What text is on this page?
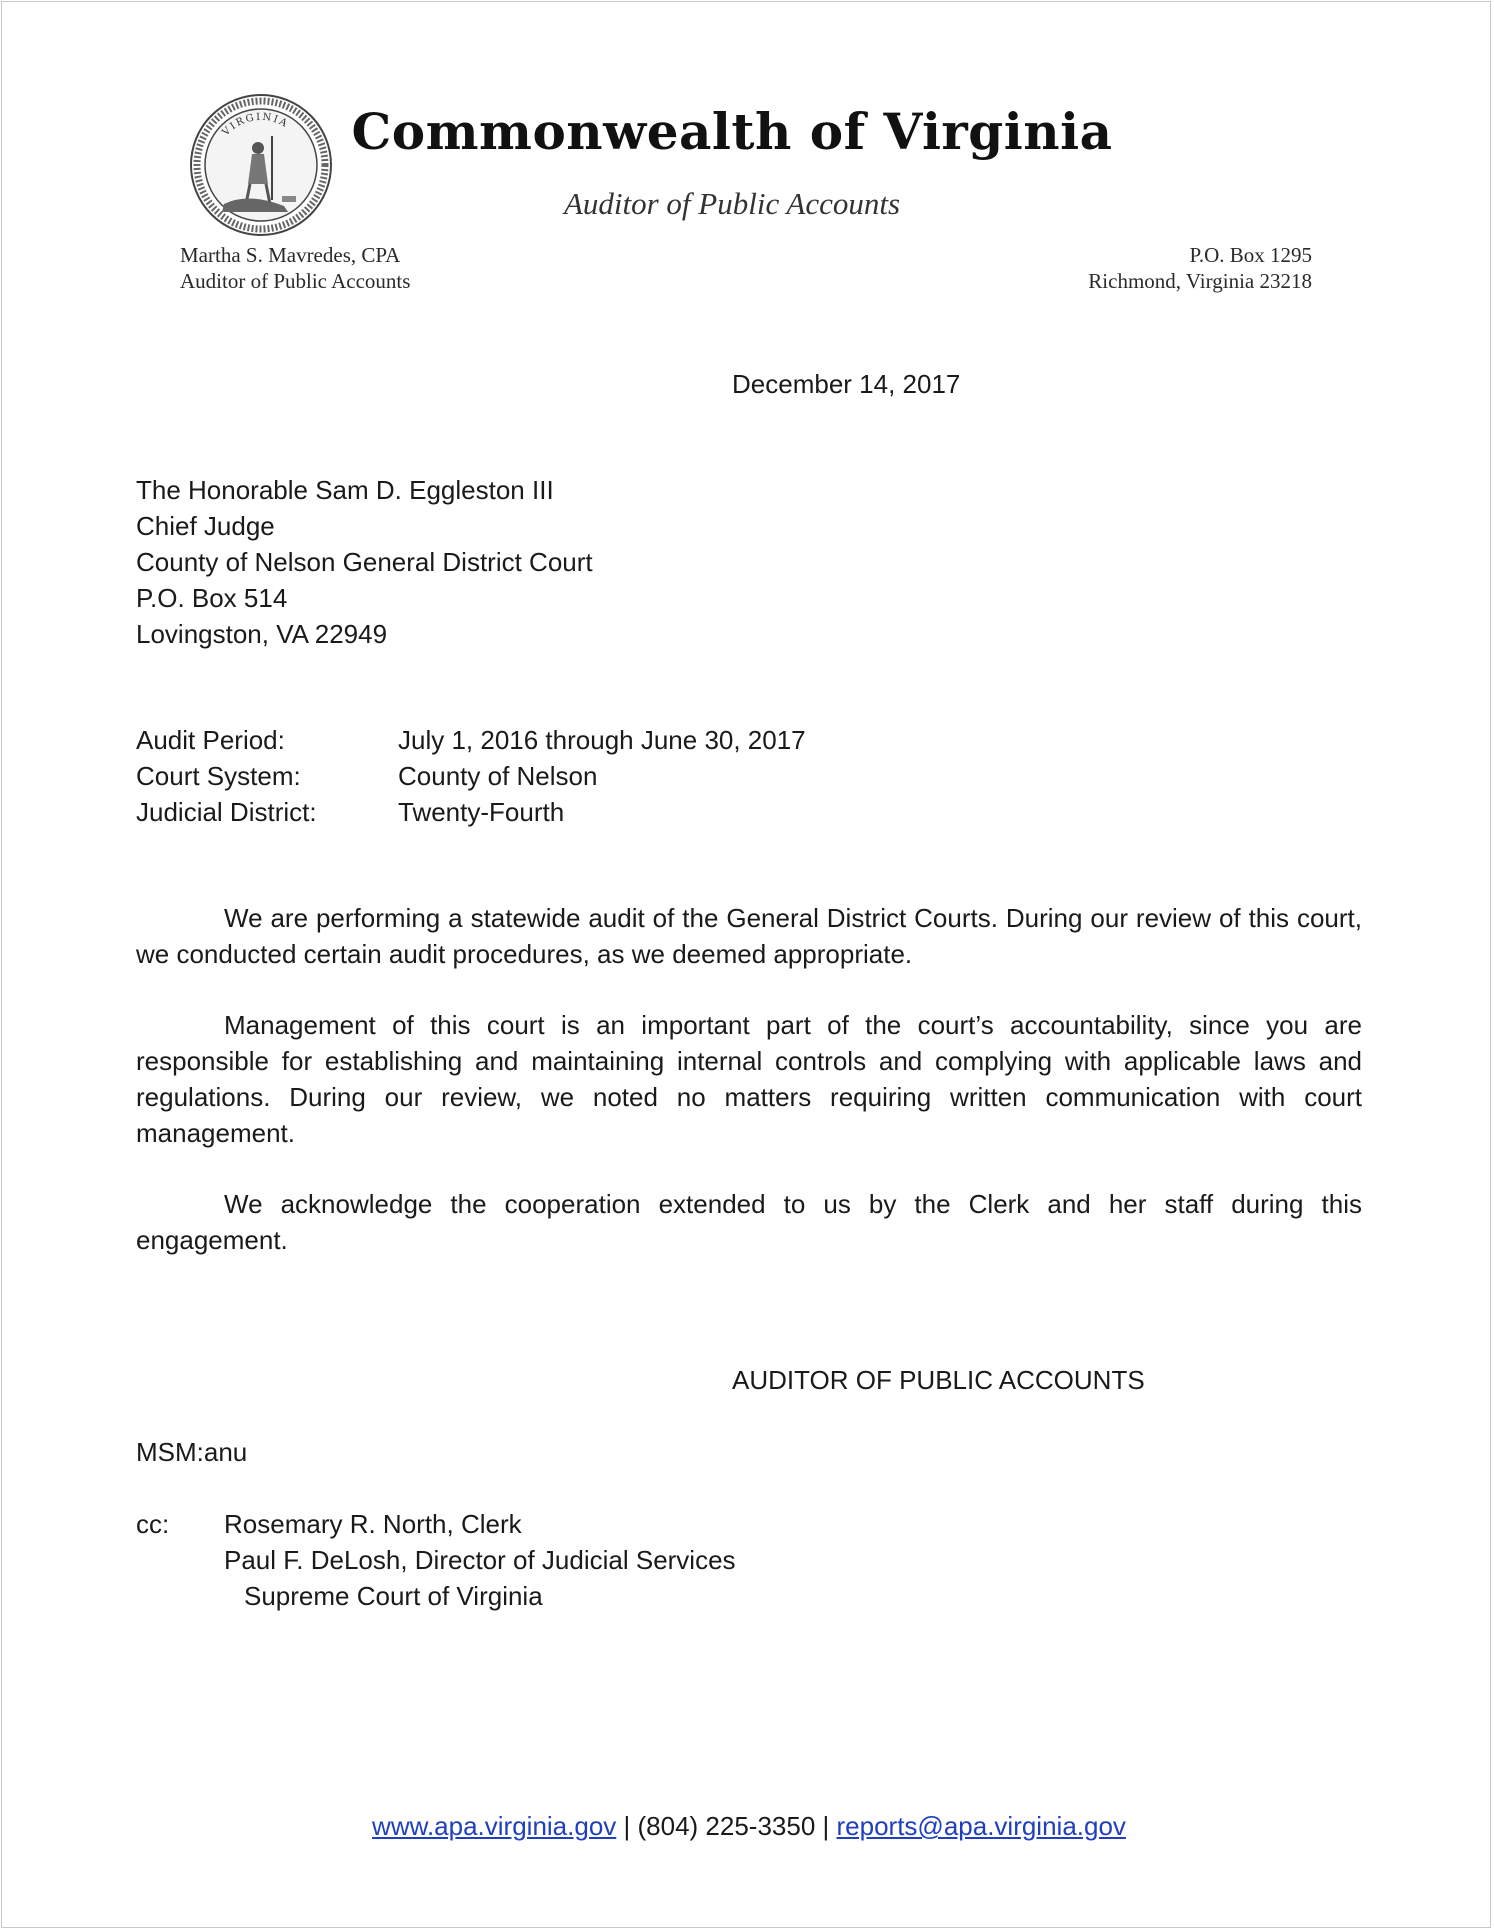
VIRGINIA	Commonwealth of Virginia
Auditor of Public Accounts
Martha S. Mavredes, CPA
Auditor of Public Accounts
P.O. Box 1295
Richmond, Virginia 23218
December 14, 2017
The Honorable Sam D. Eggleston III
Chief Judge
County of Nelson General District Court
P.O. Box 514
Lovingston, VA 22949
Audit Period:	July 1, 2016 through June 30, 2017
Court System:	County of Nelson
Judicial District:	Twenty-Fourth
We are performing a statewide audit of the General District Courts. During our review of this court, we conducted certain audit procedures, as we deemed appropriate.
Management of this court is an important part of the court’s accountability, since you are responsible for establishing and maintaining internal controls and complying with applicable laws and regulations. During our review, we noted no matters requiring written communication with court management.
We acknowledge the cooperation extended to us by the Clerk and her staff during this engagement.
AUDITOR OF PUBLIC ACCOUNTS
MSM:anu
cc:	Rosemary R. North, Clerk
Paul F. DeLosh, Director of Judicial Services
Supreme Court of Virginia
www.apa.virginia.gov | (804) 225-3350 | reports@apa.virginia.gov
